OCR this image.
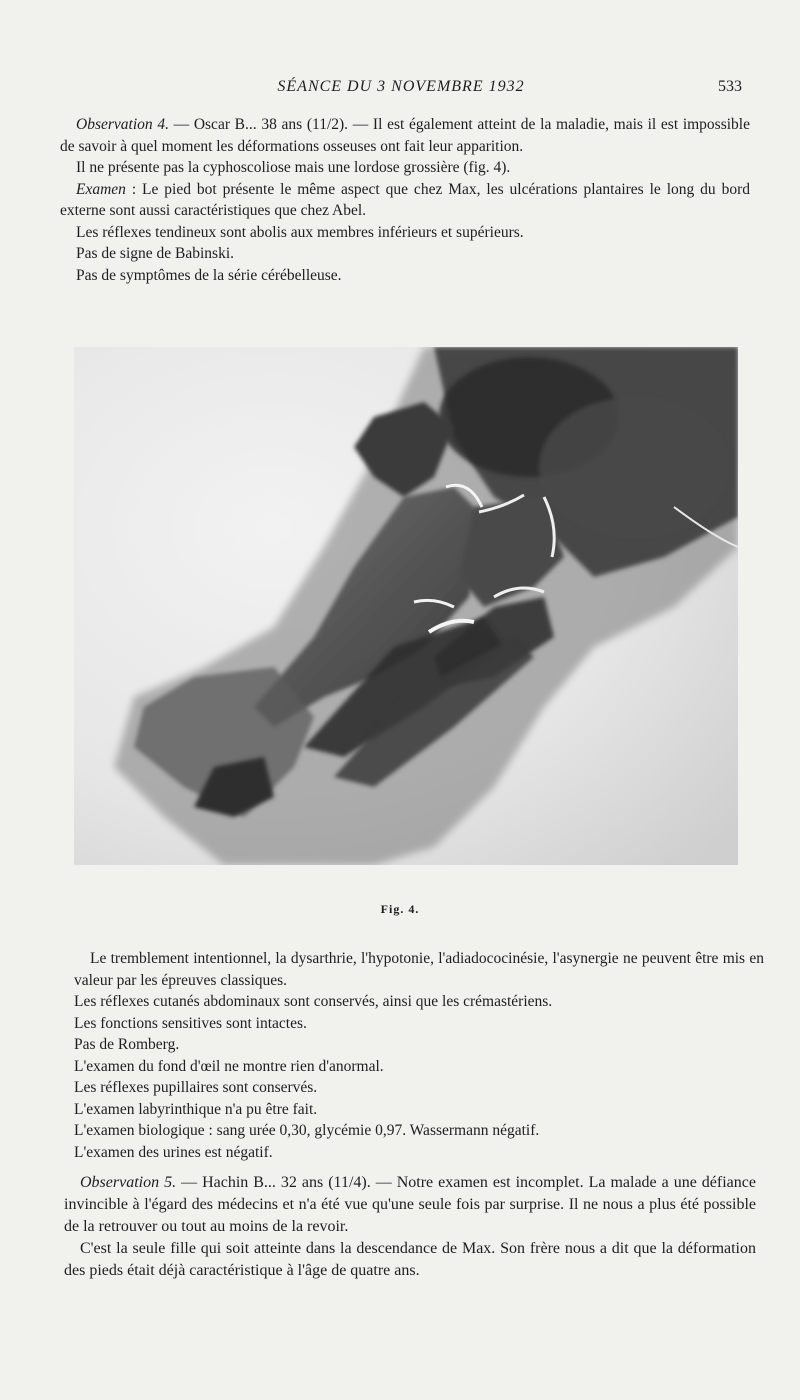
SÉANCE DU 3 NOVEMBRE 1932	533

Observation 4. — Oscar B... 38 ans (11/2). — Il est également atteint de la maladie, mais il est impossible de savoir à quel moment les déformations osseuses ont fait leur apparition.

Il ne présente pas la cyphoscoliose mais une lordose grossière (fig. 4).

Examen : Le pied bot présente le même aspect que chez Max, les ulcérations plantaires le long du bord externe sont aussi caractéristiques que chez Abel.

Les réflexes tendineux sont abolis aux membres inférieurs et supérieurs.

Pas de signe de Babinski.

Pas de symptômes de la série cérébelleuse.

Fig. 4.

Le tremblement intentionnel, la dysarthrie, l'hypotonie, l'adiadococinésie, l'asynergie ne peuvent être mis en valeur par les épreuves classiques.

Les réflexes cutanés abdominaux sont conservés, ainsi que les crémastériens.

Les fonctions sensitives sont intactes.

Pas de Romberg.

L'examen du fond d'œil ne montre rien d'anormal.

Les réflexes pupillaires sont conservés.

L'examen labyrinthique n'a pu être fait.

L'examen biologique : sang urée 0,30, glycémie 0,97. Wassermann négatif.

L'examen des urines est négatif.

Observation 5. — Hachin B... 32 ans (11/4). — Notre examen est incomplet. La malade a une défiance invincible à l'égard des médecins et n'a été vue qu'une seule fois par surprise. Il ne nous a plus été possible de la retrouver ou tout au moins de la revoir.

C'est la seule fille qui soit atteinte dans la descendance de Max. Son frère nous a dit que la déformation des pieds était déjà caractéristique à l'âge de quatre ans.
